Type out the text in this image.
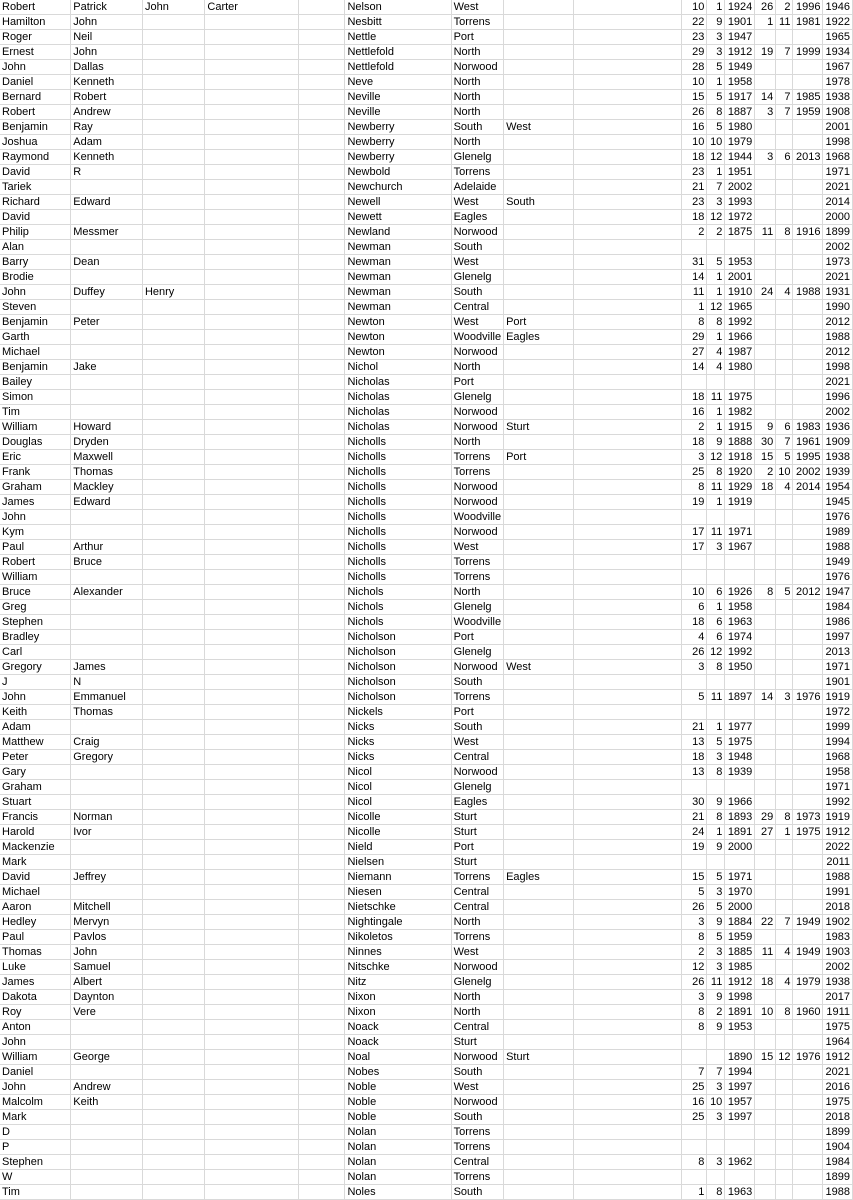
Robert	Patrick	John	Carter		Nelson	West			10	1	1924	26	2	1996	1946
Hamilton	John				Nesbitt	Torrens			22	9	1901	1	11	1981	1922
Roger	Neil				Nettle	Port			23	3	1947				1965
Ernest	John				Nettlefold	North			29	3	1912	19	7	1999	1934
John	Dallas				Nettlefold	Norwood			28	5	1949				1967
Daniel	Kenneth				Neve	North			10	1	1958				1978
Bernard	Robert				Neville	North			15	5	1917	14	7	1985	1938
Robert	Andrew				Neville	North			26	8	1887	3	7	1959	1908
Benjamin	Ray				Newberry	South	West		16	5	1980				2001
Joshua	Adam				Newberry	North			10	10	1979				1998
Raymond	Kenneth				Newberry	Glenelg			18	12	1944	3	6	2013	1968
David	R				Newbold	Torrens			23	1	1951				1971
Tariek					Newchurch	Adelaide			21	7	2002				2021
Richard	Edward				Newell	West	South		23	3	1993				2014
David					Newett	Eagles			18	12	1972				2000
Philip	Messmer				Newland	Norwood			2	2	1875	11	8	1916	1899
Alan					Newman	South									2002
Barry	Dean				Newman	West			31	5	1953				1973
Brodie					Newman	Glenelg			14	1	2001				2021
John	Duffey	Henry			Newman	South			11	1	1910	24	4	1988	1931
Steven					Newman	Central			1	12	1965				1990
Benjamin	Peter				Newton	West	Port		8	8	1992				2012
Garth					Newton	Woodville	Eagles		29	1	1966				1988
Michael					Newton	Norwood			27	4	1987				2012
Benjamin	Jake				Nichol	North			14	4	1980				1998
Bailey					Nicholas	Port									2021
Simon					Nicholas	Glenelg			18	11	1975				1996
Tim					Nicholas	Norwood			16	1	1982				2002
William	Howard				Nicholas	Norwood	Sturt		2	1	1915	9	6	1983	1936
Douglas	Dryden				Nicholls	North			18	9	1888	30	7	1961	1909
Eric	Maxwell				Nicholls	Torrens	Port		3	12	1918	15	5	1995	1938
Frank	Thomas				Nicholls	Torrens			25	8	1920	2	10	2002	1939
Graham	Mackley				Nicholls	Norwood			8	11	1929	18	4	2014	1954
James	Edward				Nicholls	Norwood			19	1	1919				1945
John					Nicholls	Woodville									1976
Kym					Nicholls	Norwood			17	11	1971				1989
Paul	Arthur				Nicholls	West			17	3	1967				1988
Robert	Bruce				Nicholls	Torrens									1949
William					Nicholls	Torrens									1976
Bruce	Alexander				Nichols	North			10	6	1926	8	5	2012	1947
Greg					Nichols	Glenelg			6	1	1958				1984
Stephen					Nichols	Woodville			18	6	1963				1986
Bradley					Nicholson	Port			4	6	1974				1997
Carl					Nicholson	Glenelg			26	12	1992				2013
Gregory	James				Nicholson	Norwood	West		3	8	1950				1971
J	N				Nicholson	South									1901
John	Emmanuel				Nicholson	Torrens			5	11	1897	14	3	1976	1919
Keith	Thomas				Nickels	Port									1972
Adam					Nicks	South			21	1	1977				1999
Matthew	Craig				Nicks	West			13	5	1975				1994
Peter	Gregory				Nicks	Central			18	3	1948				1968
Gary					Nicol	Norwood			13	8	1939				1958
Graham					Nicol	Glenelg									1971
Stuart					Nicol	Eagles			30	9	1966				1992
Francis	Norman				Nicolle	Sturt			21	8	1893	29	8	1973	1919
Harold	Ivor				Nicolle	Sturt			24	1	1891	27	1	1975	1912
Mackenzie					Nield	Port			19	9	2000				2022
Mark					Nielsen	Sturt									2011
David	Jeffrey				Niemann	Torrens	Eagles		15	5	1971				1988
Michael					Niesen	Central			5	3	1970				1991
Aaron	Mitchell				Nietschke	Central			26	5	2000				2018
Hedley	Mervyn				Nightingale	North			3	9	1884	22	7	1949	1902
Paul	Pavlos				Nikoletos	Torrens			8	5	1959				1983
Thomas	John				Ninnes	West			2	3	1885	11	4	1949	1903
Luke	Samuel				Nitschke	Norwood			12	3	1985				2002
James	Albert				Nitz	Glenelg			26	11	1912	18	4	1979	1938
Dakota	Daynton				Nixon	North			3	9	1998				2017
Roy	Vere				Nixon	North			8	2	1891	10	8	1960	1911
Anton					Noack	Central			8	9	1953				1975
John					Noack	Sturt									1964
William	George				Noal	Norwood	Sturt				1890	15	12	1976	1912
Daniel					Nobes	South			7	7	1994				2021
John	Andrew				Noble	West			25	3	1997				2016
Malcolm	Keith				Noble	Norwood			16	10	1957				1975
Mark					Noble	South			25	3	1997				2018
D					Nolan	Torrens									1899
P					Nolan	Torrens									1904
Stephen					Nolan	Central			8	3	1962				1984
W					Nolan	Torrens									1899
Tim					Noles	South			1	8	1963				1988
